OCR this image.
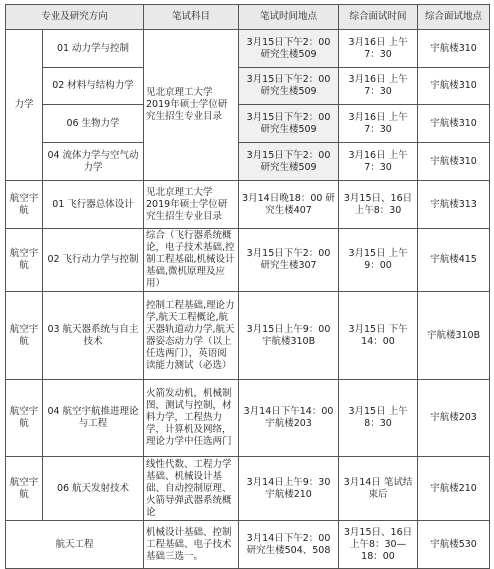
专业及研究方向		笔试科目	笔试时间地点	综合面试时间	综合面试地点
力学	01 动力学与控制	见北京理工大学2019年硕士学位研究生招生专业目录	3月15日下午2：00 研究生楼509	3月16日 上午7：30	宇航楼310
	02 材料与结构力学		3月15日下午2：00 研究生楼509	3月16日 上午7：30	宇航楼310
	06 生物力学		3月15日下午2：00 研究生楼509	3月16日 上午7：30	宇航楼310
	04 流体力学与空气动力学		3月15日下午2：00 研究生楼509	3月16日 上午7：30	宇航楼310
航空宇航	01 飞行器总体设计	见北京理工大学2019年硕士学位研究生招生专业目录	3月14日晚18：00 研究生楼407	3月15日、16日 上午8：30	宇航楼313
航空宇航	02 飞行动力学与控制	综合（飞行器系统概论，电子技术基础,控制工程基础,机械设计基础,微机原理及应用）	3月15日下午2：00 研究生楼307	3月15日 上午9：00	宇航楼415
航空宇航	03 航天器系统与自主技术	控制工程基础,理论力学,航天工程概论,航天器轨道动力学,航天器姿态动力学（以上任选两门），英语阅读能力测试（必选）	3月15日上午9：00 宇航楼310B	3月15日 下午14：00	宇航楼310B
航空宇航	04 航空宇航推进理论与工程	火箭发动机，机械制图，测试与控制，材料力学，工程热力学，计算机及网络，理论力学中任选两门	3月14日下午14：00 宇航楼203	3月15日 上午8：30	宇航楼203
航空宇航	06 航天发射技术	线性代数、工程力学基础、机械设计基础、自动控制原理、火箭导弹武器系统概论	3月14日上午9：30 宇航楼210	3月14日 笔试结束后	宇航楼210
航天工程		机械设计基础、控制工程基础、电子技术基础三选一。	3月14日下午2：00 研究生楼504、508	3月15日、16日上午8：30—18：00	宇航楼530
